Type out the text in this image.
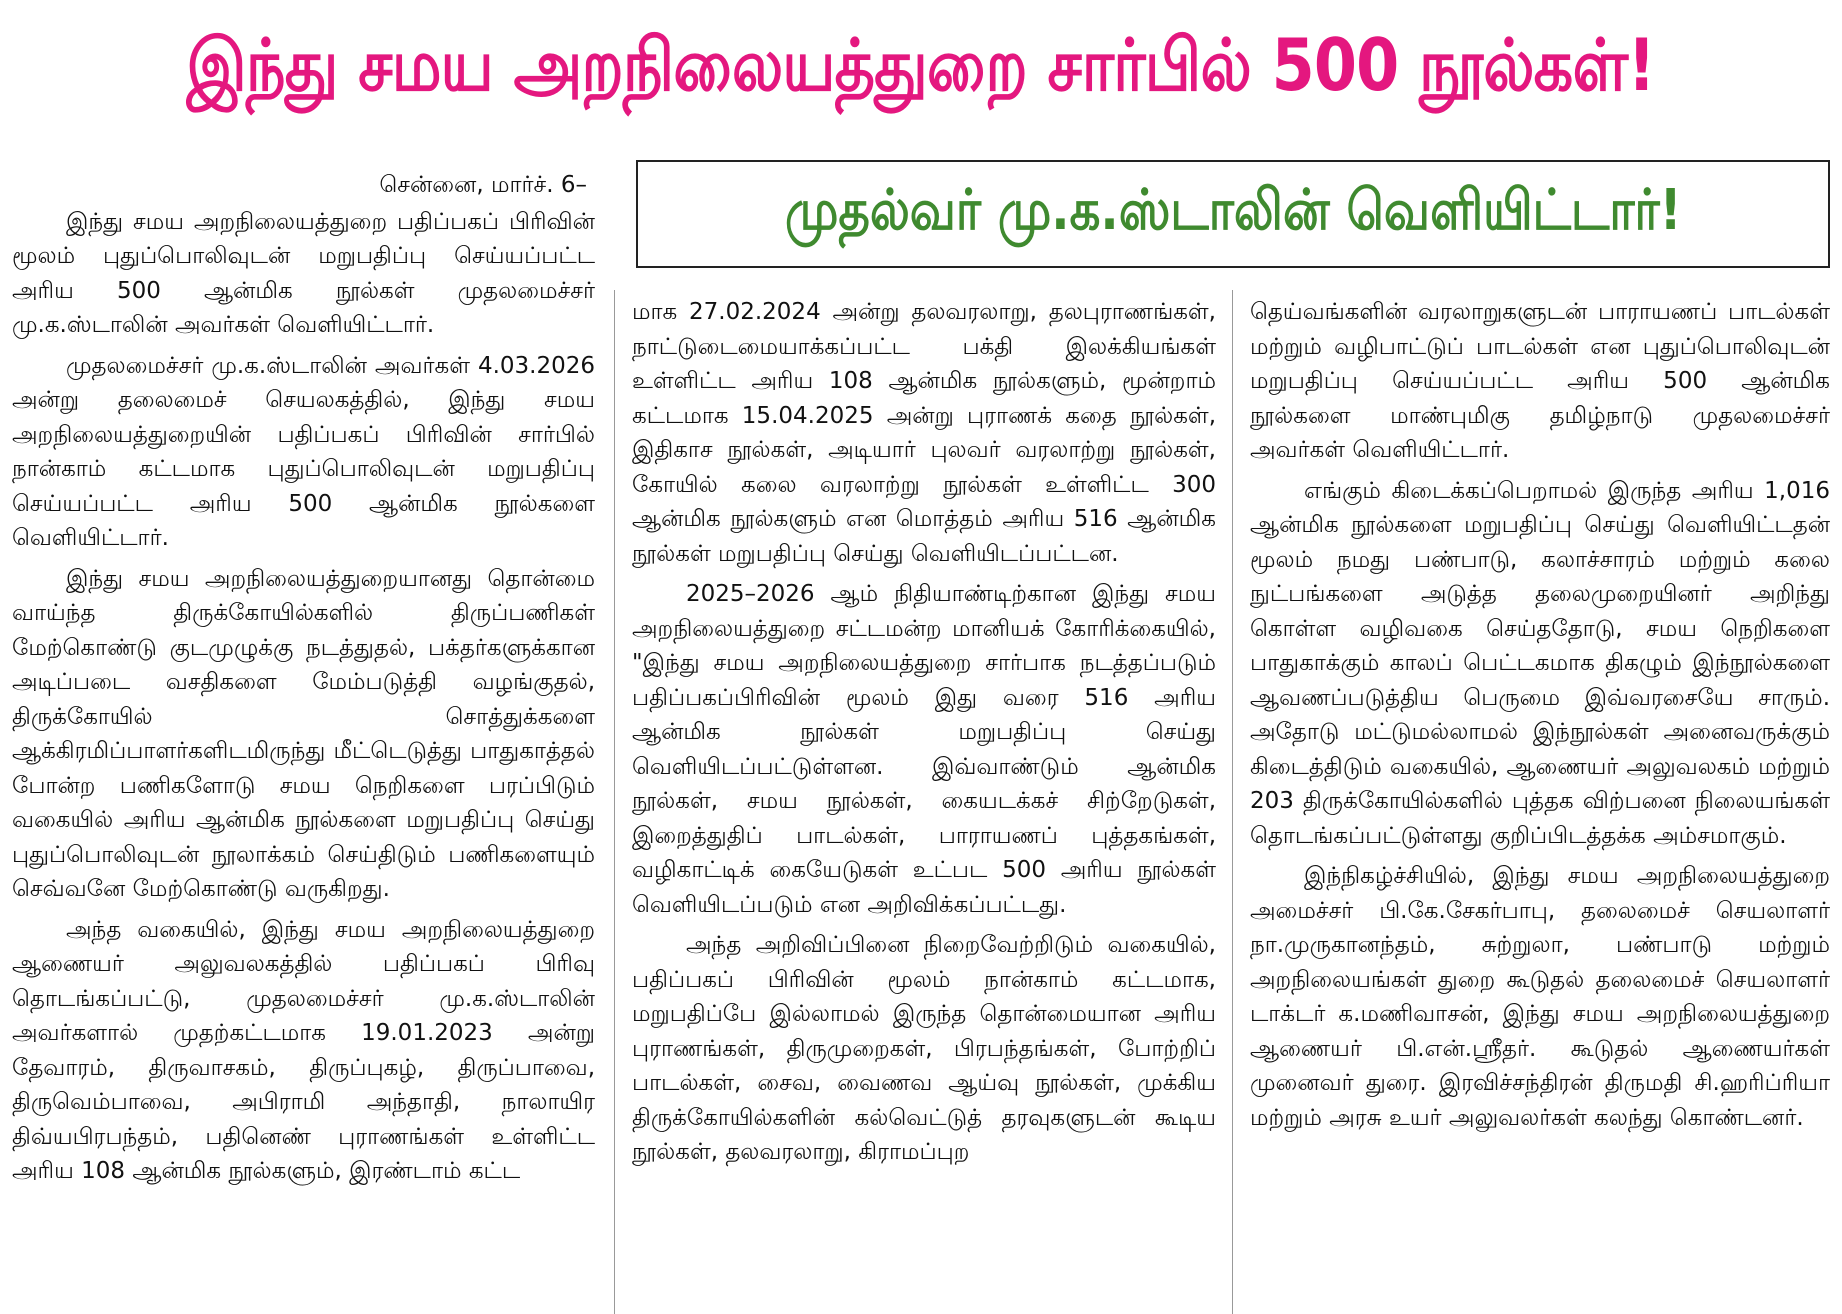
இந்து சமய அறநிலையத்துறை சார்பில் 500 நூல்கள்!
முதல்வர் மு.க.ஸ்டாலின் வெளியிட்டார்!
சென்னை, மார்ச். 6–

இந்து சமய அறநிலையத்துறை பதிப்பகப் பிரிவின் மூலம் புதுப்பொலிவுடன் மறுபதிப்பு செய்யப்பட்ட அரிய 500 ஆன்மிக நூல்கள் முதலமைச்சர் மு.க.ஸ்டாலின் அவர்கள் வெளியிட்டார்.

முதலமைச்சர் மு.க.ஸ்டாலின் அவர்கள் 4.03.2026 அன்று தலைமைச் செயலகத்தில், இந்து சமய அறநிலையத்துறையின் பதிப்பகப் பிரிவின் சார்பில் நான்காம் கட்டமாக புதுப்பொலிவுடன் மறுபதிப்பு செய்யப்பட்ட அரிய 500 ஆன்மிக நூல்களை வெளியிட்டார்.

இந்து சமய அறநிலையத்துறையானது தொன்மை வாய்ந்த திருக்கோயில்களில் திருப்பணிகள் மேற்கொண்டு குடமுழுக்கு நடத்துதல், பக்தர்களுக்கான அடிப்படை வசதிகளை மேம்படுத்தி வழங்குதல், திருக்கோயில் சொத்துக்களை ஆக்கிரமிப்பாளர்களிடமிருந்து மீட்டெடுத்து பாதுகாத்தல் போன்ற பணிகளோடு சமய நெறிகளை பரப்பிடும் வகையில் அரிய ஆன்மிக நூல்களை மறுபதிப்பு செய்து புதுப்பொலிவுடன் நூலாக்கம் செய்திடும் பணிகளையும் செவ்வனே மேற்கொண்டு வருகிறது.

அந்த வகையில், இந்து சமய அறநிலையத்துறை ஆணையர் அலுவலகத்தில் பதிப்பகப் பிரிவு தொடங்கப்பட்டு, முதலமைச்சர் மு.க.ஸ்டாலின் அவர்களால் முதற்கட்டமாக 19.01.2023 அன்று தேவாரம், திருவாசகம், திருப்புகழ், திருப்பாவை, திருவெம்பாவை, அபிராமி அந்தாதி, நாலாயிர திவ்யபிரபந்தம், பதினெண் புராணங்கள் உள்ளிட்ட அரிய 108 ஆன்மிக நூல்களும், இரண்டாம் கட்ட

மாக 27.02.2024 அன்று தலவரலாறு, தலபுராணங்கள், நாட்டுடைமையாக்கப்பட்ட பக்தி இலக்கியங்கள் உள்ளிட்ட அரிய 108 ஆன்மிக நூல்களும், மூன்றாம் கட்டமாக 15.04.2025 அன்று புராணக் கதை நூல்கள், இதிகாச நூல்கள், அடியார் புலவர் வரலாற்று நூல்கள், கோயில் கலை வரலாற்று நூல்கள் உள்ளிட்ட 300 ஆன்மிக நூல்களும் என மொத்தம் அரிய 516 ஆன்மிக நூல்கள் மறுபதிப்பு செய்து வெளியிடப்பட்டன.

2025–2026 ஆம் நிதியாண்டிற்கான இந்து சமய அறநிலையத்துறை சட்டமன்ற மானியக் கோரிக்கையில், "இந்து சமய அறநிலையத்துறை சார்பாக நடத்தப்படும் பதிப்பகப்பிரிவின் மூலம் இது வரை 516 அரிய ஆன்மிக நூல்கள் மறுபதிப்பு செய்து வெளியிடப்பட்டுள்ளன. இவ்வாண்டும் ஆன்மிக நூல்கள், சமய நூல்கள், கையடக்கச் சிற்றேடுகள், இறைத்துதிப் பாடல்கள், பாராயணப் புத்தகங்கள், வழிகாட்டிக் கையேடுகள் உட்பட 500 அரிய நூல்கள் வெளியிடப்படும் என அறிவிக்கப்பட்டது.

அந்த அறிவிப்பினை நிறைவேற்றிடும் வகையில், பதிப்பகப் பிரிவின் மூலம் நான்காம் கட்டமாக, மறுபதிப்பே இல்லாமல் இருந்த தொன்மையான அரிய புராணங்கள், திருமுறைகள், பிரபந்தங்கள், போற்றிப் பாடல்கள், சைவ, வைணவ ஆய்வு நூல்கள், முக்கிய திருக்கோயில்களின் கல்வெட்டுத் தரவுகளுடன் கூடிய நூல்கள், தலவரலாறு, கிராமப்புற

தெய்வங்களின் வரலாறுகளுடன் பாராயணப் பாடல்கள் மற்றும் வழிபாட்டுப் பாடல்கள் என புதுப்பொலிவுடன் மறுபதிப்பு செய்யப்பட்ட அரிய 500 ஆன்மிக நூல்களை மாண்புமிகு தமிழ்நாடு முதலமைச்சர் அவர்கள் வெளியிட்டார்.

எங்கும் கிடைக்கப்பெறாமல் இருந்த அரிய 1,016 ஆன்மிக நூல்களை மறுபதிப்பு செய்து வெளியிட்டதன் மூலம் நமது பண்பாடு, கலாச்சாரம் மற்றும் கலை நுட்பங்களை அடுத்த தலைமுறையினர் அறிந்து கொள்ள வழிவகை செய்ததோடு, சமய நெறிகளை பாதுகாக்கும் காலப் பெட்டகமாக திகழும் இந்நூல்களை ஆவணப்படுத்திய பெருமை இவ்வரசையே சாரும். அதோடு மட்டுமல்லாமல் இந்நூல்கள் அனைவருக்கும் கிடைத்திடும் வகையில், ஆணையர் அலுவலகம் மற்றும் 203 திருக்கோயில்களில் புத்தக விற்பனை நிலையங்கள் தொடங்கப்பட்டுள்ளது குறிப்பிடத்தக்க அம்சமாகும்.

இந்நிகழ்ச்சியில், இந்து சமய அறநிலையத்துறை அமைச்சர் பி.கே.சேகர்பாபு, தலைமைச் செயலாளர் நா.முருகானந்தம், சுற்றுலா, பண்பாடு மற்றும் அறநிலையங்கள் துறை கூடுதல் தலைமைச் செயலாளர் டாக்டர் க.மணிவாசன், இந்து சமய அறநிலையத்துறை ஆணையர் பி.என்.ஸ்ரீதர். கூடுதல் ஆணையர்கள் முனைவர் துரை. இரவிச்சந்திரன் திருமதி சி.ஹரிப்ரியா மற்றும் அரசு உயர் அலுவலர்கள் கலந்து கொண்டனர்.
